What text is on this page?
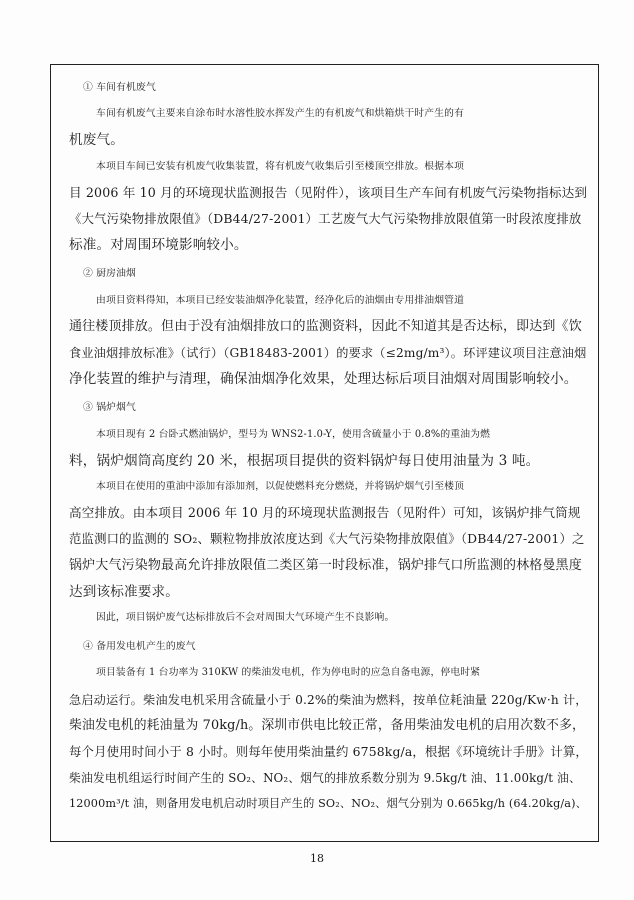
① 车间有机废气
车间有机废气主要来自涂布时水溶性胶水挥发产生的有机废气和烘箱烘干时产生的有
机废气。
本项目车间已安装有机废气收集装置，将有机废气收集后引至楼顶空排放。根据本项
目 2006 年 10 月的环境现状监测报告（见附件），该项目生产车间有机废气污染物指标达到
《大气污染物排放限值》（DB44/27-2001）工艺废气大气污染物排放限值第一时段浓度排放
标准。对周围环境影响较小。
② 厨房油烟
由项目资料得知，本项目已经安装油烟净化装置，经净化后的油烟由专用排油烟管道
通往楼顶排放。但由于没有油烟排放口的监测资料，因此不知道其是否达标，即达到《饮
食业油烟排放标准》（试行）（GB18483-2001）的要求（≤2mg/m³）。环评建议项目注意油烟
净化装置的维护与清理，确保油烟净化效果，处理达标后项目油烟对周围影响较小。
③ 锅炉烟气
本项目现有 2 台卧式燃油锅炉，型号为 WNS2-1.0-Y，使用含硫量小于 0.8%的重油为燃
料，锅炉烟筒高度约 20 米，根据项目提供的资料锅炉每日使用油量为 3 吨。
本项目在使用的重油中添加有添加剂，以促使燃料充分燃烧，并将锅炉烟气引至楼顶
高空排放。由本项目 2006 年 10 月的环境现状监测报告（见附件）可知，该锅炉排气筒规
范监测口的监测的 SO₂、颗粒物排放浓度达到《大气污染物排放限值》（DB44/27-2001）之
锅炉大气污染物最高允许排放限值二类区第一时段标准，锅炉排气口所监测的林格曼黑度
达到该标准要求。
因此，项目锅炉废气达标排放后不会对周围大气环境产生不良影响。
④ 备用发电机产生的废气
项目装备有 1 台功率为 310KW 的柴油发电机，作为停电时的应急自备电源，停电时紧
急启动运行。柴油发电机采用含硫量小于 0.2%的柴油为燃料，按单位耗油量 220g/Kw·h 计，
柴油发电机的耗油量为 70kg/h。深圳市供电比较正常，备用柴油发电机的启用次数不多，
每个月使用时间小于 8 小时。则每年使用柴油量约 6758kg/a，根据《环境统计手册》计算，
柴油发电机组运行时间产生的 SO₂、NO₂、烟气的排放系数分别为 9.5kg/t 油、11.00kg/t 油、
12000m³/t 油，则备用发电机启动时项目产生的 SO₂、NO₂、烟气分别为 0.665kg/h (64.20kg/a)、
18
